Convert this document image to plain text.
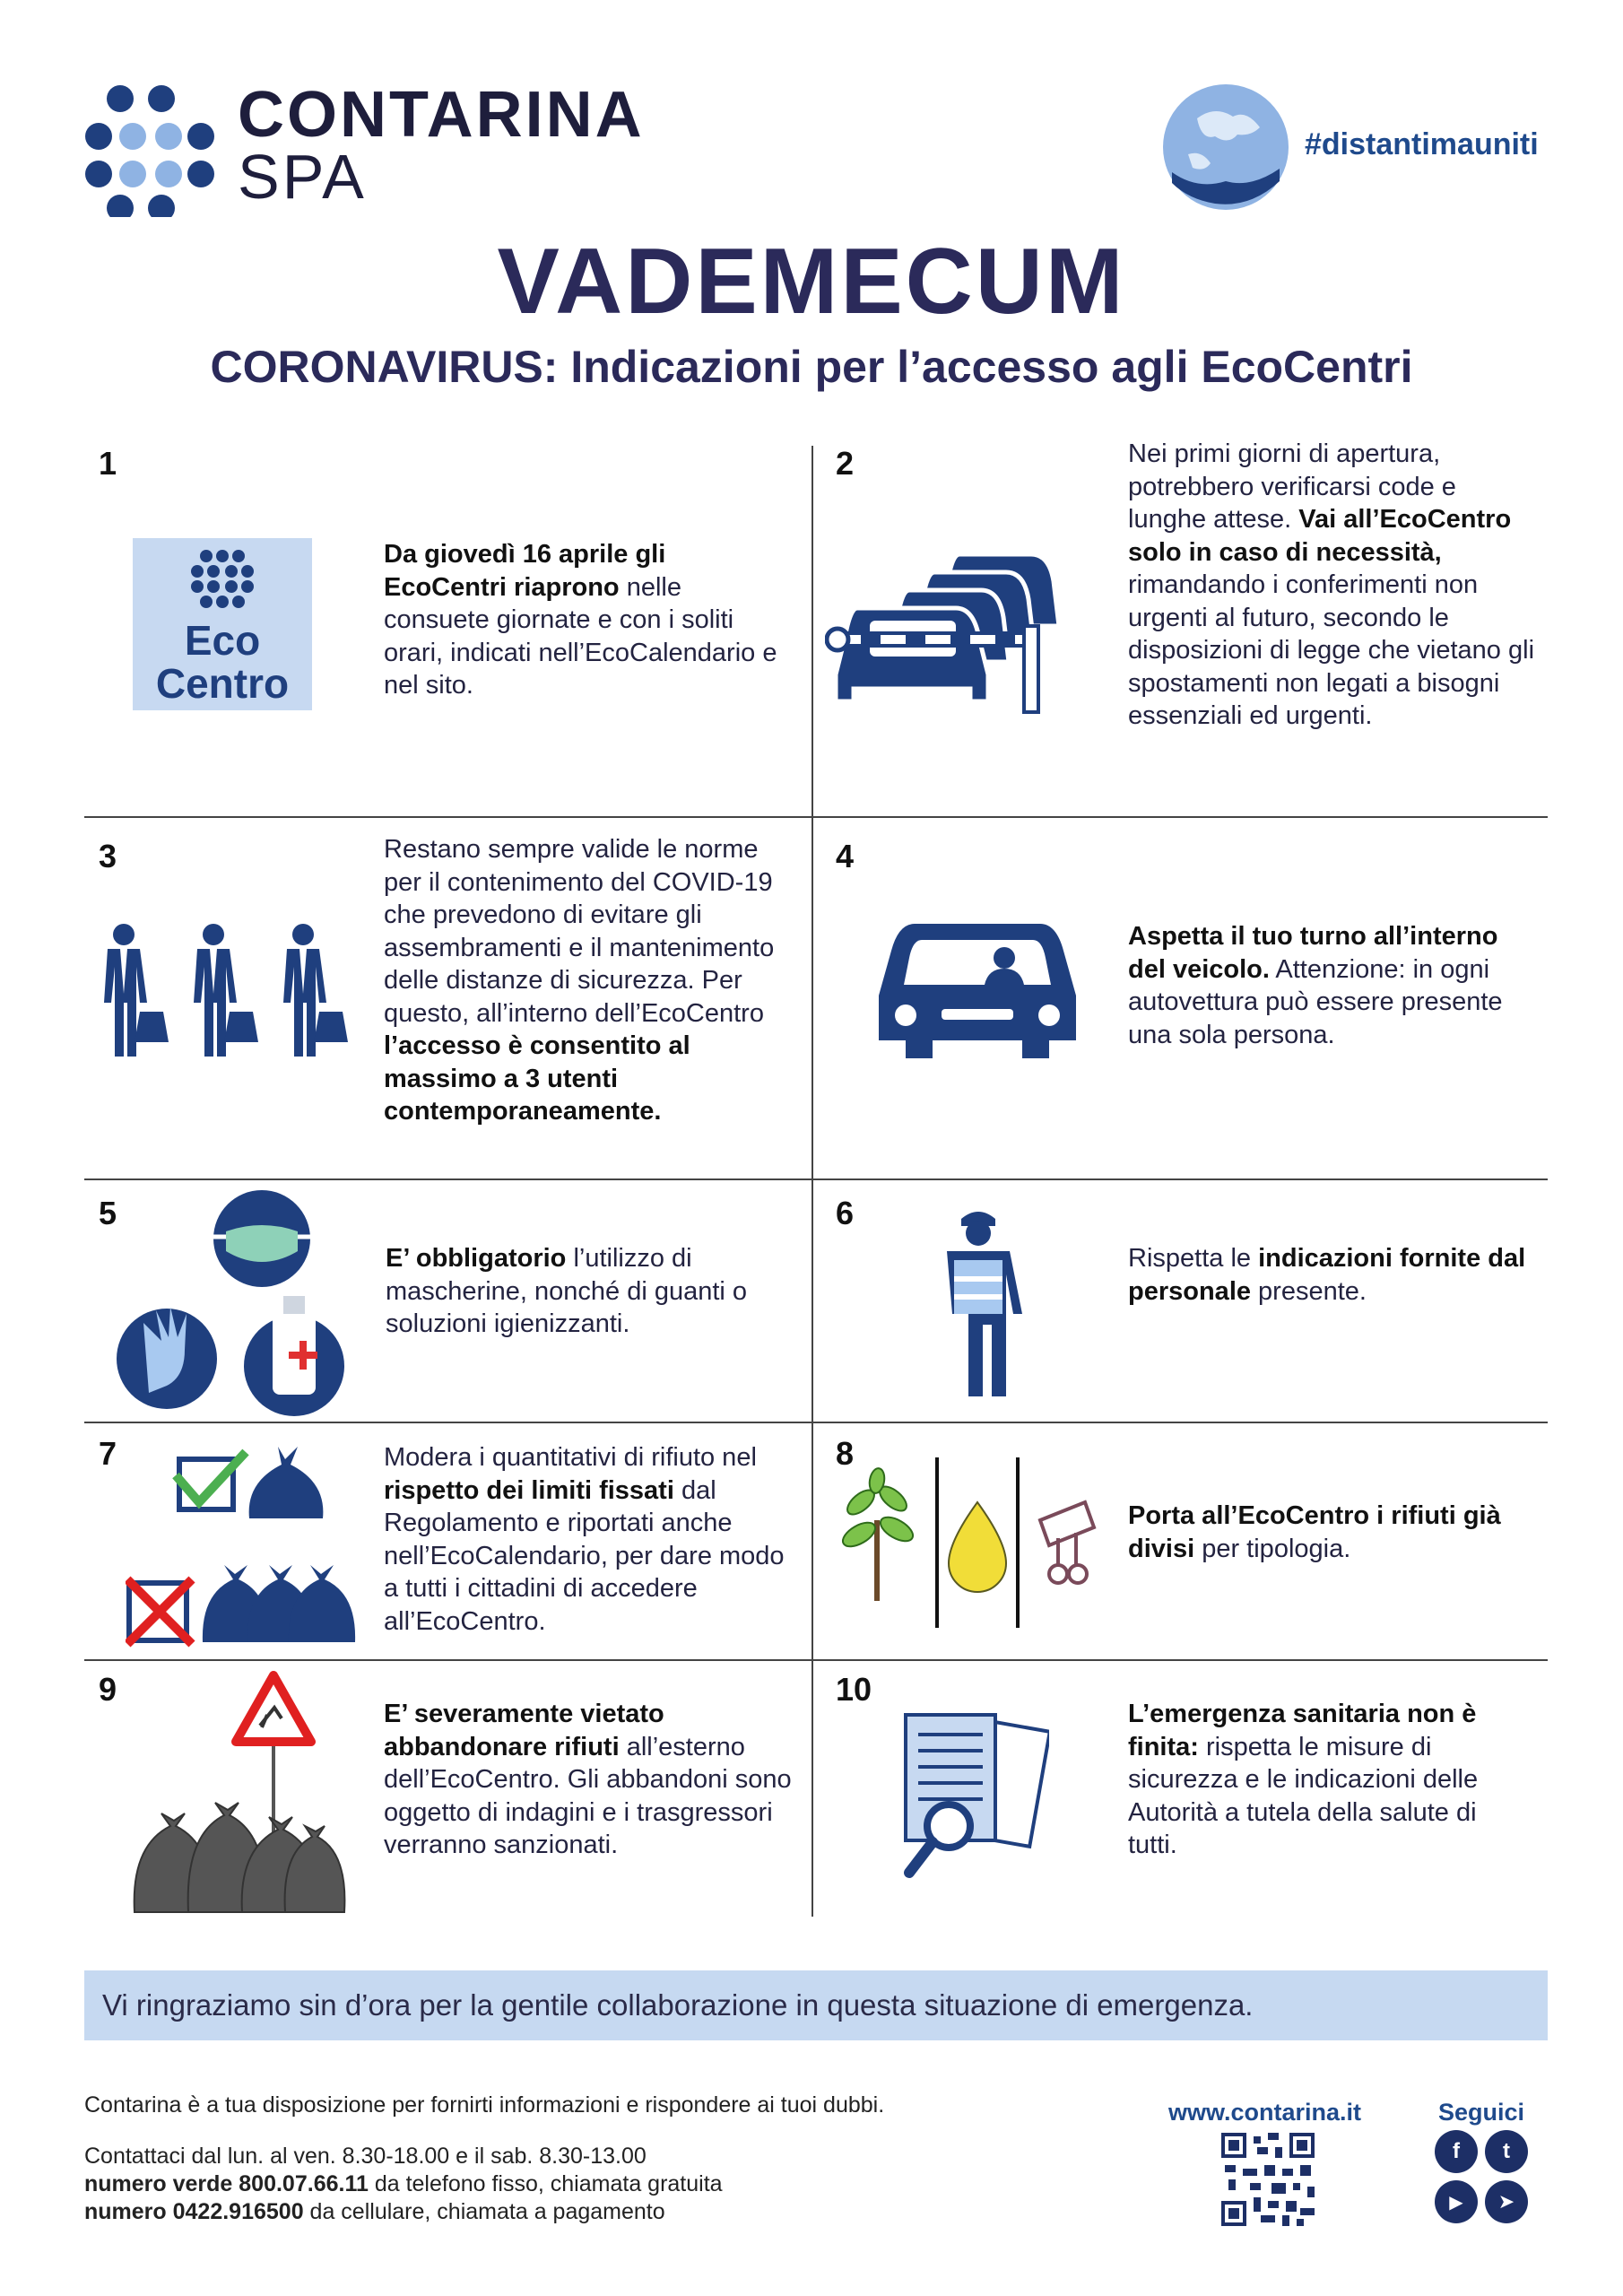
CONTARINA
SPA	#distantimauniti
VADEMECUM
CORONAVIRUS: Indicazioni per l’accesso agli EcoCentri
1
Eco
Centro
Da giovedì 16 aprile gli EcoCentri riaprono nelle consuete giornate e con i soliti orari, indicati nell’EcoCalendario e nel sito.
2	Nei primi giorni di apertura, potrebbero verificarsi code e lunghe attese. Vai all’EcoCentro solo in caso di necessità, rimandando i conferimenti non urgenti al futuro, secondo le disposizioni di legge che vietano gli spostamenti non legati a bisogni essenziali ed urgenti.
3	Restano sempre valide le norme per il contenimento del COVID-19 che prevedono di evitare gli assembramenti e il mantenimento delle distanze di sicurezza. Per questo, all’interno dell’EcoCentro l’accesso è consentito al massimo a 3 utenti contemporaneamente.
4
Aspetta il tuo turno all’interno del veicolo. Attenzione: in ogni autovettura può essere presente una sola persona.
5
E’ obbligatorio l’utilizzo di mascherine, nonché di guanti o soluzioni igienizzanti.
6
Rispetta le indicazioni fornite dal personale presente.
7	Modera i quantitativi di rifiuto nel rispetto dei limiti fissati dal Regolamento e riportati anche nell’EcoCalendario, per dare modo a tutti i cittadini di accedere all’EcoCentro.
8
Porta all’EcoCentro i rifiuti già divisi per tipologia.
9
E’ severamente vietato abbandonare rifiuti all’esterno dell’EcoCentro. Gli abbandoni sono oggetto di indagini e i trasgressori verranno sanzionati.
10
L’emergenza sanitaria non è finita: rispetta le misure di sicurezza e le indicazioni delle Autorità a tutela della salute di tutti.
Vi ringraziamo sin d’ora per la gentile collaborazione in questa situazione di emergenza.
Contarina è a tua disposizione per fornirti informazioni e rispondere ai tuoi dubbi.
Contattaci dal lun. al ven. 8.30-18.00 e il sab. 8.30-13.00
numero verde 800.07.66.11 da telefono fisso, chiamata gratuita
numero 0422.916500 da cellulare, chiamata a pagamento
www.contarina.it	Seguici
f	t
▶	➤
